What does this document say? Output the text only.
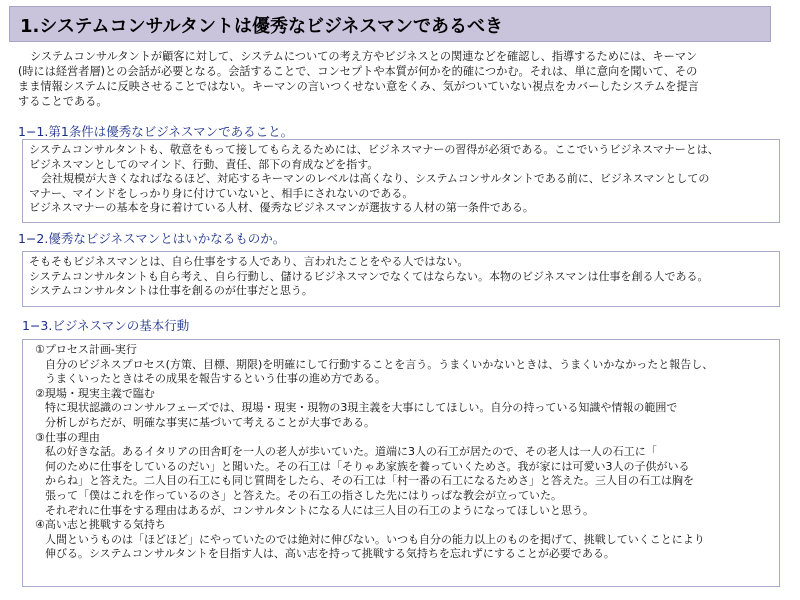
1.システムコンサルタントは優秀なビジネスマンであるべき

システムコンサルタントが顧客に対して、システムについての考え方やビジネスとの関連などを確認し、指導するためには、キーマン

(時には経営者層)との会話が必要となる。会話することで、コンセプトや本質が何かを的確につかむ。それは、単に意向を聞いて、その

まま情報システムに反映させることではない。キーマンの言いつくせない意をくみ、気がついていない視点をカバーしたシステムを提言

することである。

1−1.第1条件は優秀なビジネスマンであること。

システムコンサルタントも、敬意をもって接してもらえるためには、ビジネスマナーの習得が必須である。ここでいうビジネスマナーとは、

ビジネスマンとしてのマインド、行動、責任、部下の育成などを指す。

会社規模が大きくなればなるほど、対応するキーマンのレベルは高くなり、システムコンサルタントである前に、ビジネスマンとしての

マナー、マインドをしっかり身に付けていないと、相手にされないのである。

ビジネスマナーの基本を身に着けている人材、優秀なビジネスマンが選抜する人材の第一条件である。

1−2.優秀なビジネスマンとはいかなるものか。

そもそもビジネスマンとは、自ら仕事をする人であり、言われたことをやる人ではない。

システムコンサルタントも自ら考え、自ら行動し、儲けるビジネスマンでなくてはならない。本物のビジネスマンは仕事を創る人である。

システムコンサルタントは仕事を創るのが仕事だと思う。

1−3.ビジネスマンの基本行動

①プロセス計画-実行

自分のビジネスプロセス(方策、目標、期限)を明確にして行動することを言う。うまくいかないときは、うまくいかなかったと報告し、

うまくいったときはその成果を報告するという仕事の進め方である。

②現場・現実主義で臨む

特に現状認識のコンサルフェーズでは、現場・現実・現物の3現主義を大事にしてほしい。自分の持っている知識や情報の範囲で

分析しがちだが、明確な事実に基づいて考えることが大事である。

③仕事の理由

私の好きな話。あるイタリアの田舎町を一人の老人が歩いていた。道端に3人の石工が居たので、その老人は一人の石工に「

何のために仕事をしているのだい」と聞いた。その石工は「そりゃあ家族を養っていくためさ。我が家には可愛い3人の子供がいる

からね」と答えた。二人目の石工にも同じ質問をしたら、その石工は「村一番の石工になるためさ」と答えた。三人目の石工は胸を

張って「僕はこれを作っているのさ」と答えた。その石工の指さした先にはりっぱな教会が立っていた。

それぞれに仕事をする理由はあるが、コンサルタントになる人には三人目の石工のようになってほしいと思う。

④高い志と挑戦する気持ち

人間というものは「ほどほど」にやっていたのでは絶対に伸びない。いつも自分の能力以上のものを掲げて、挑戦していくことにより

伸びる。システムコンサルタントを目指す人は、高い志を持って挑戦する気持ちを忘れずにすることが必要である。
